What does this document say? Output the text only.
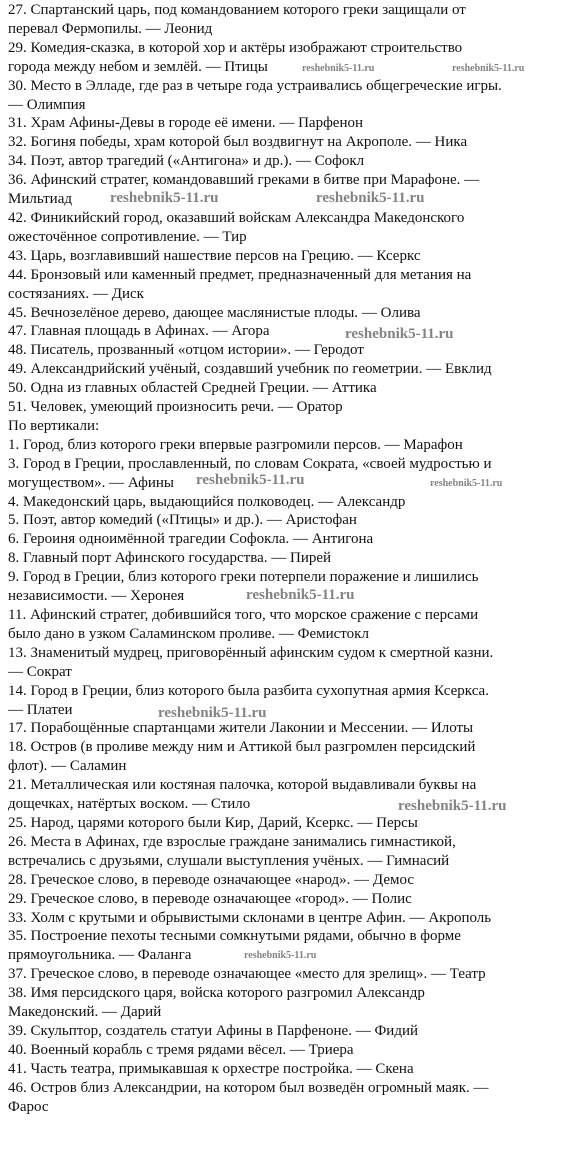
27. Спартанский царь, под командованием которого греки защищали от
перевал Фермопилы. — Леонид
29. Комедия-сказка, в которой хор и актёры изображают строительство
города между небом и землёй. — Птицы
30. Место в Элладе, где раз в четыре года устраивались общегреческие игры.
— Олимпия
31. Храм Афины-Девы в городе её имени. — Парфенон
32. Богиня победы, храм которой был воздвигнут на Акрополе. — Ника
34. Поэт, автор трагедий («Антигона» и др.). — Софокл
36. Афинский стратег, командовавший греками в битве при Марафоне. —
Мильтиад
42. Финикийский город, оказавший войскам Александра Македонского
ожесточённое сопротивление. — Тир
43. Царь, возглавивший нашествие персов на Грецию. — Ксеркс
44. Бронзовый или каменный предмет, предназначенный для метания на
состязаниях. — Диск
45. Вечнозелёное дерево, дающее маслянистые плоды. — Олива
47. Главная площадь в Афинах. — Агора
48. Писатель, прозванный «отцом истории». — Геродот
49. Александрийский учёный, создавший учебник по геометрии. — Евклид
50. Одна из главных областей Средней Греции. — Аттика
51. Человек, умеющий произносить речи. — Оратор
По вертикали:
1. Город, близ которого греки впервые разгромили персов. — Марафон
3. Город в Греции, прославленный, по словам Сократа, «своей мудростью и
могуществом». — Афины
4. Македонский царь, выдающийся полководец. — Александр
5. Поэт, автор комедий («Птицы» и др.). — Аристофан
6. Героиня одноимённой трагедии Софокла. — Антигона
8. Главный порт Афинского государства. — Пирей
9. Город в Греции, близ которого греки потерпели поражение и лишились
независимости. — Херонея
11. Афинский стратег, добившийся того, что морское сражение с персами
было дано в узком Саламинском проливе. — Фемистокл
13. Знаменитый мудрец, приговорённый афинским судом к смертной казни.
— Сократ
14. Город в Греции, близ которого была разбита сухопутная армия Ксеркса.
— Платеи
17. Порабощённые спартанцами жители Лаконии и Мессении. — Илоты
18. Остров (в проливе между ним и Аттикой был разгромлен персидский
флот). — Саламин
21. Металлическая или костяная палочка, которой выдавливали буквы на
дощечках, натёртых воском. — Стило
25. Народ, царями которого были Кир, Дарий, Ксеркс. — Персы
26. Места в Афинах, где взрослые граждане занимались гимнастикой,
встречались с друзьями, слушали выступления учёных. — Гимнасий
28. Греческое слово, в переводе означающее «народ». — Демос
29. Греческое слово, в переводе означающее «город». — Полис
33. Холм с крутыми и обрывистыми склонами в центре Афин. — Акрополь
35. Построение пехоты тесными сомкнутыми рядами, обычно в форме
прямоугольника. — Фаланга
37. Греческое слово, в переводе означающее «место для зрелищ». — Театр
38. Имя персидского царя, войска которого разгромил Александр
Македонский. — Дарий
39. Скульптор, создатель статуи Афины в Парфеноне. — Фидий
40. Военный корабль с тремя рядами вёсел. — Триера
41. Часть театра, примыкавшая к орхестре постройка. — Скена
46. Остров близ Александрии, на котором был возведён огромный маяк. —
Фарос
reshebnik5-11.ru	reshebnik5-11.ru
reshebnik5-11.ru	reshebnik5-11.ru
reshebnik5-11.ru
reshebnik5-11.ru	reshebnik5-11.ru
reshebnik5-11.ru
reshebnik5-11.ru
reshebnik5-11.ru
reshebnik5-11.ru
